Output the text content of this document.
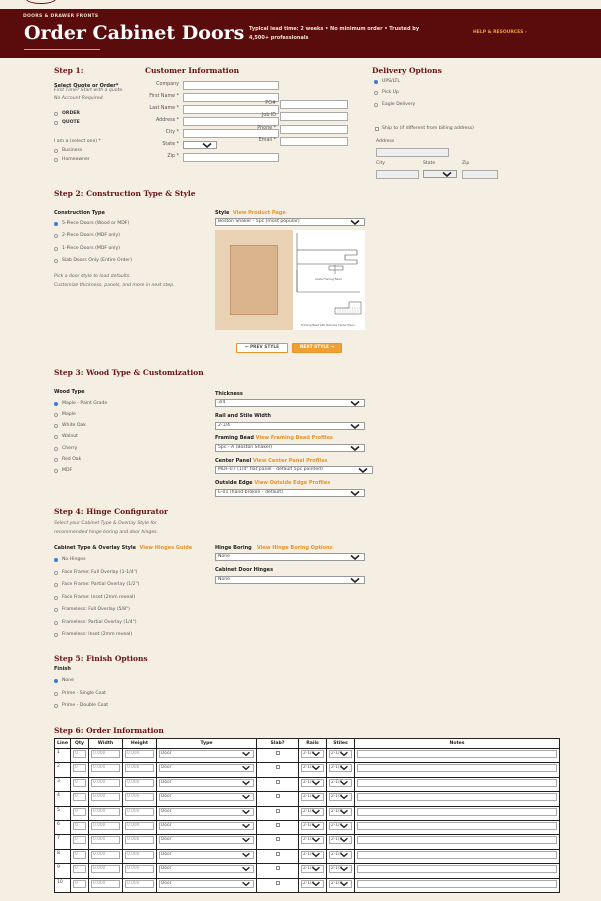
DOORS & DRAWER FRONTS
Order Cabinet Doors Typical lead time: 2 weeks • No minimum order • Trusted by 4,500+ professionals
HELP & RESOURCES ›
Step 1:
Select Quote or Order*
First Time? Start with a quote.
No Account Required.
ORDER
QUOTE
I am a (select one) *
Business
Homeowner
Customer Information
Company
First Name *
Last Name *
Address *
City *
State *
Zip *
PO#
Job ID
Phone *
Email *
Delivery Options
UPS/LTL
Pick Up
Eagle Delivery
Ship to (if different from billing address)
Address
City	State	Zip
Step 2: Construction Type & Style
Construction Type
5-Piece Doors (Wood or MDF)
2-Piece Doors (MDF only)
1-Piece Doors (MDF only)
Slab Doors Only (Entire Order)
Pick a door style to load defaults.
Customize thickness, panels, and more in next step.
Style View Product Page
Boston Shaker - 5pc (most popular)
Inside Framing Bead
Framing Bead with Bullnose Center Panel
← PREV STYLE	NEXT STYLE →
Step 3: Wood Type & Customization
Wood Type
Maple - Paint Grade
Maple
White Oak
Walnut
Cherry
Red Oak
MDF
Thickness
3/4
Rail and Stile Width
2-1/4
Framing Bead View Framing Bead Profiles
5pc - A (Boston Shaker)
Center Panel View Center Panel Profiles
MDF-07 (1/4" flat panel - default 5pc painted)
Outside Edge View Outside Edge Profiles
E-01 (hand broken - default)
Step 4: Hinge Configurator
Select your Cabinet Type & Overlay Style for
recommended hinge boring and door hinges.
Cabinet Type & Overlay Style View Hinges Guide
No Hinges
Face Frame: Full Overlay (1-1/4")
Face Frame: Partial Overlay (1/2")
Face Frame: Inset (2mm reveal)
Frameless: Full Overlay (5/8")
Frameless: Partial Overlay (1/4")
Frameless: Inset (2mm reveal)
Hinge Boring View Hinge Boring Options
None
Cabinet Door Hinges
None
Step 5: Finish Options
Finish
None
Prime - Single Coat
Prime - Double Coat
Step 6: Order Information
Line	Qty	Width	Height	Type	Slab?	Rails	Stiles	Notes
1	0	0.000	0.000	Door		2-1/4	2-1/4	

2	0	0.000	0.000	Door		2-1/4	2-1/4	

3	0	0.000	0.000	Door		2-1/4	2-1/4	

4	0	0.000	0.000	Door		2-1/4	2-1/4	

5	0	0.000	0.000	Door		2-1/4	2-1/4	

6	0	0.000	0.000	Door		2-1/4	2-1/4	

7	0	0.000	0.000	Door		2-1/4	2-1/4	

8	0	0.000	0.000	Door		2-1/4	2-1/4	

9	0	0.000	0.000	Door		2-1/4	2-1/4	

10	0	0.000	0.000	Door		2-1/4	2-1/4	
